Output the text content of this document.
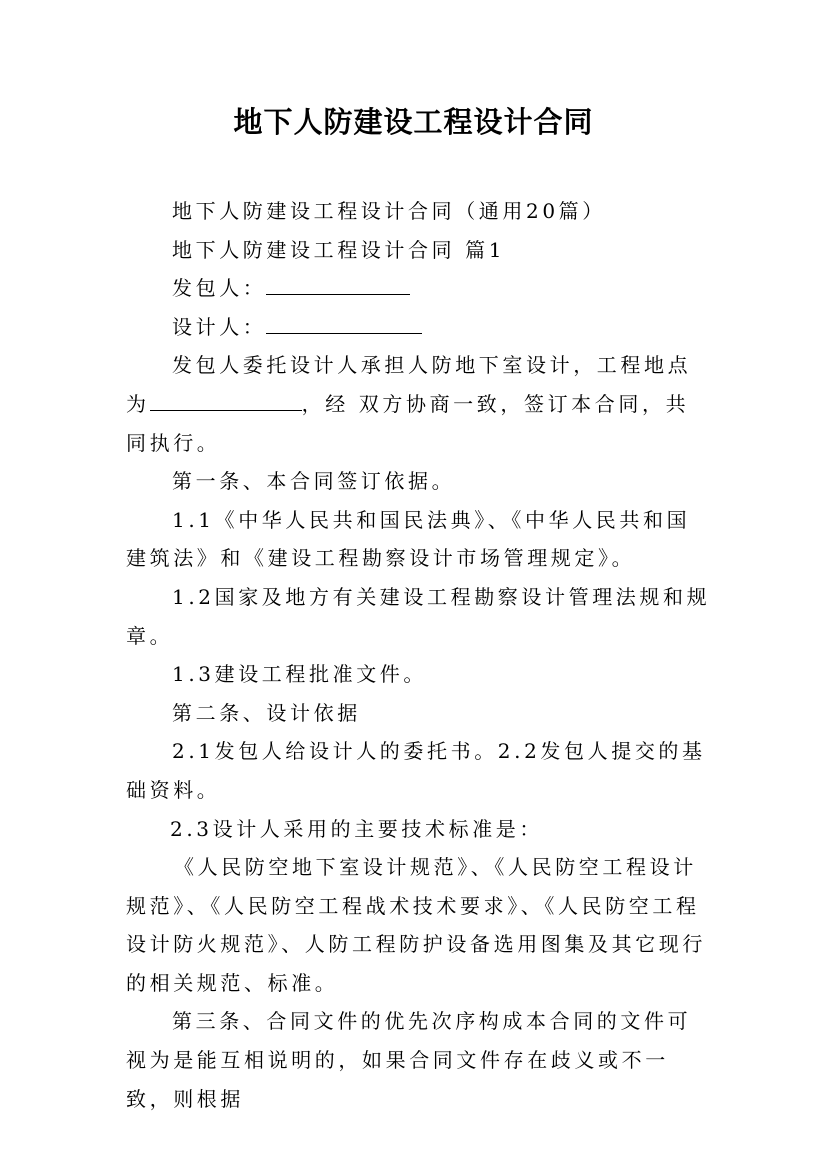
地下人防建设工程设计合同

地下人防建设工程设计合同（通用20篇）

地下人防建设工程设计合同 篇1

发包人：

设计人：

发包人委托设计人承担人防地下室设计，工程地点为	，经 双方协商一致，签订本合同，共同执行。

第一条、本合同签订依据。

1.1《中华人民共和国民法典》、《中华人民共和国建筑法》和《建设工程勘察设计市场管理规定》。

1.2国家及地方有关建设工程勘察设计管理法规和规章。

1.3建设工程批准文件。

第二条、设计依据

2.1发包人给设计人的委托书。2.2发包人提交的基础资料。

2.3设计人采用的主要技术标准是：

《人民防空地下室设计规范》、《人民防空工程设计规范》、《人民防空工程战术技术要求》、《人民防空工程设计防火规范》、人防工程防护设备选用图集及其它现行的相关规范、标准。

第三条、合同文件的优先次序构成本合同的文件可视为是能互相说明的，如果合同文件存在歧义或不一致，则根据
